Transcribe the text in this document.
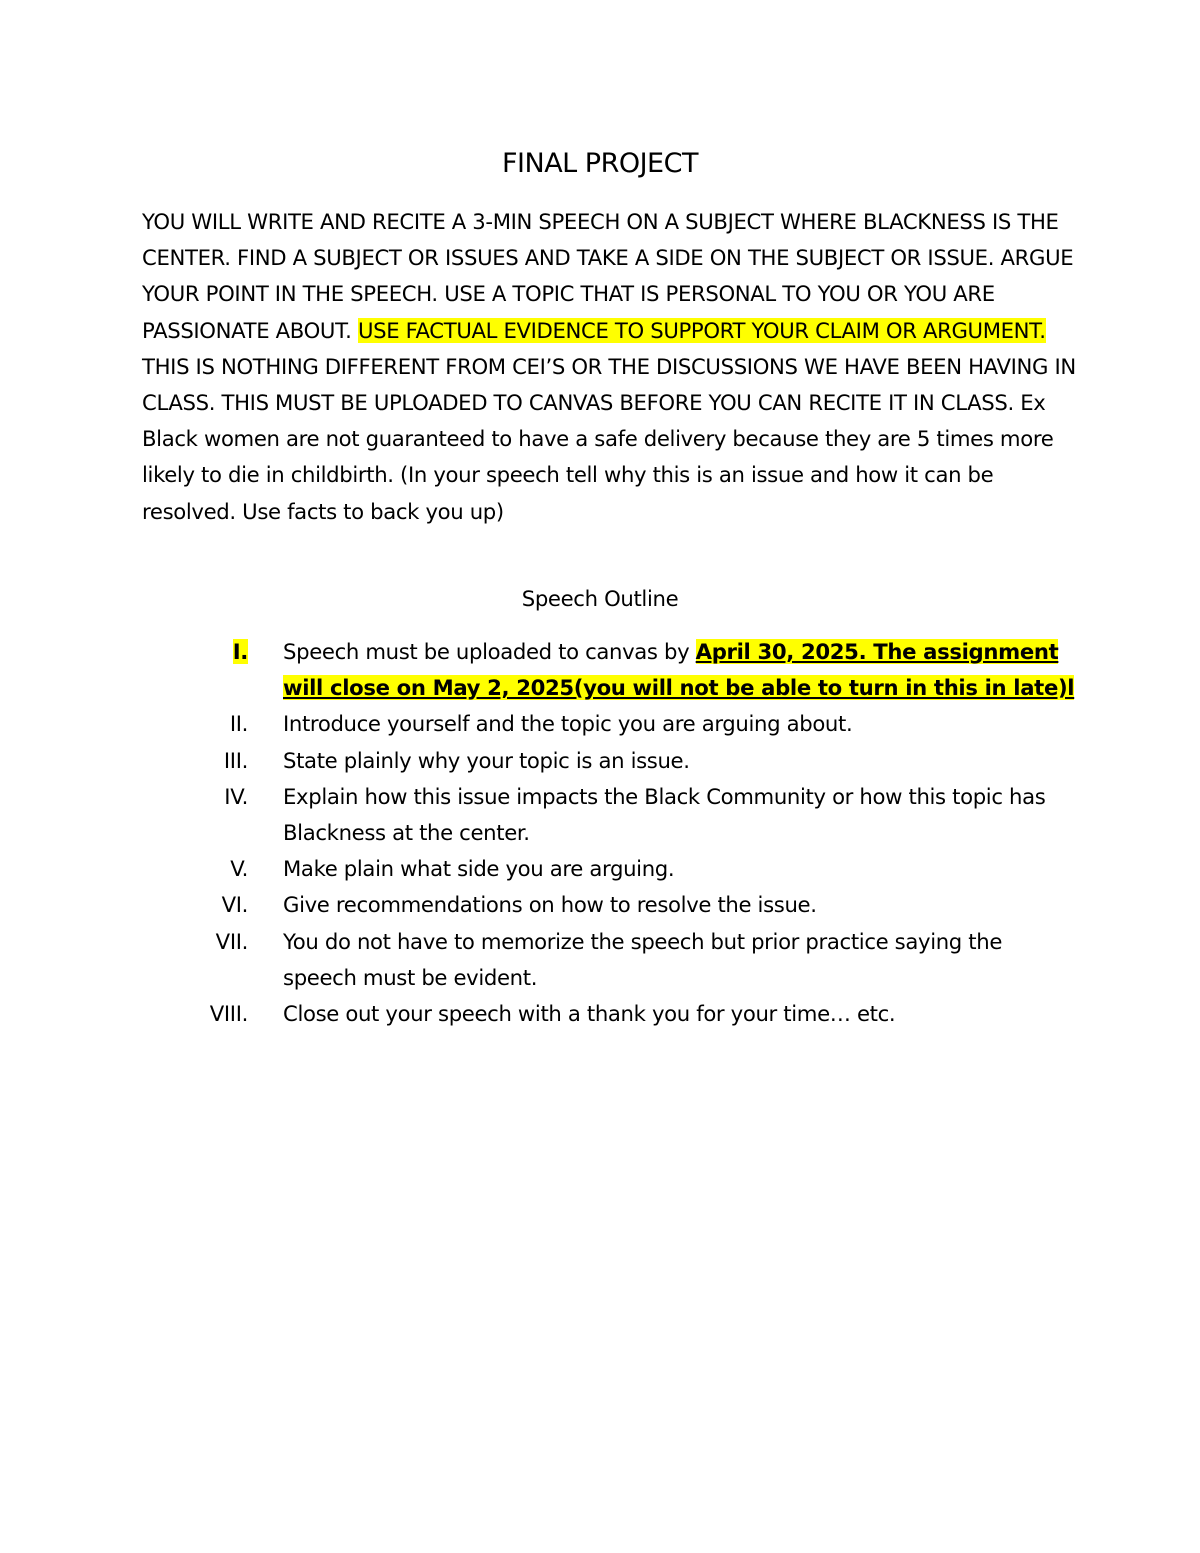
FINAL PROJECT
YOU WILL WRITE AND RECITE A 3-MIN SPEECH ON A SUBJECT WHERE BLACKNESS IS THE CENTER. FIND A SUBJECT OR ISSUES AND TAKE A SIDE ON THE SUBJECT OR ISSUE. ARGUE YOUR POINT IN THE SPEECH. USE A TOPIC THAT IS PERSONAL TO YOU OR YOU ARE PASSIONATE ABOUT. USE FACTUAL EVIDENCE TO SUPPORT YOUR CLAIM OR ARGUMENT. THIS IS NOTHING DIFFERENT FROM CEI’S OR THE DISCUSSIONS WE HAVE BEEN HAVING IN CLASS. THIS MUST BE UPLOADED TO CANVAS BEFORE YOU CAN RECITE IT IN CLASS. Ex Black women are not guaranteed to have a safe delivery because they are 5 times more likely to die in childbirth. (In your speech tell why this is an issue and how it can be resolved. Use facts to back you up)
Speech Outline
I. Speech must be uploaded to canvas by April 30, 2025. The assignment will close on May 2, 2025(you will not be able to turn in this in late)l
II. Introduce yourself and the topic you are arguing about.
III. State plainly why your topic is an issue.
IV. Explain how this issue impacts the Black Community or how this topic has Blackness at the center.
V. Make plain what side you are arguing.
VI. Give recommendations on how to resolve the issue.
VII. You do not have to memorize the speech but prior practice saying the speech must be evident.
VIII. Close out your speech with a thank you for your time… etc.
